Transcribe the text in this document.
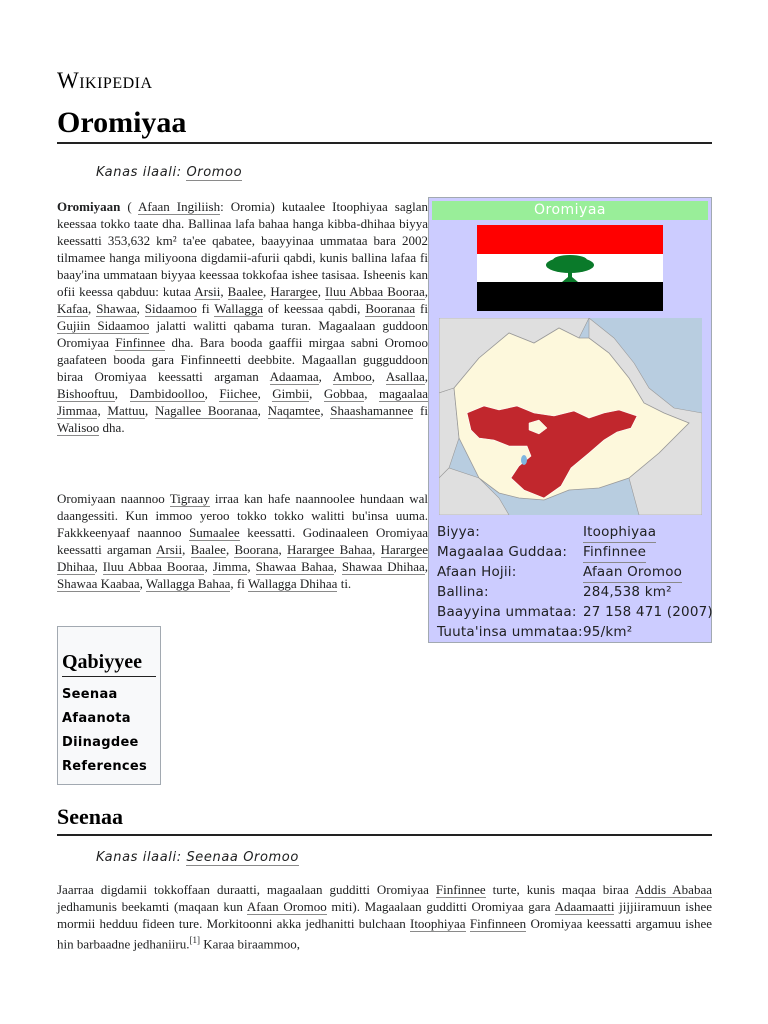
Wikipedia
Oromiyaa
Kanas ilaali: Oromoo

Oromiyaan ( Afaan Ingiliish: Oromia) kutaalee Itoophiyaa saglan keessaa tokko taate dha. Ballinaa lafa bahaa hanga kibba-dhihaa biyya keessatti 353,632 km² ta'ee qabatee, baayyinaa ummataa bara 2002 tilmamee hanga miliyoona digdamii-afurii qabdi, kunis ballina lafaa fi baay'ina ummataan biyyaa keessaa tokkofaa ishee tasisaa. Isheenis kan ofii keessa qabduu: kutaa Arsii, Baalee, Harargee, Iluu Abbaa Booraa, Kafaa, Shawaa, Sidaamoo fi Wallagga of keessaa qabdi, Booranaa fi Gujiin Sidaamoo jalatti walitti qabama turan. Magaalaan guddoon Oromiyaa Finfinnee dha. Bara booda gaaffii mirgaa sabni Oromoo gaafateen booda gara Finfinneetti deebbite. Magaallan gugguddoon biraa Oromiyaa keessatti argaman Adaamaa, Amboo, Asallaa, Bishooftuu, Dambidoolloo, Fiichee, Gimbii, Gobbaa, magaalaa Jimmaa, Mattuu, Nagallee Booranaa, Naqamtee, Shaashamannee fi Walisoo dha.

Oromiyaan naannoo Tigraay irraa kan hafe naannoolee hundaan wal daangessiti. Kun immoo yeroo tokko tokko walitti bu'insa uuma. Fakkkeenyaaf naannoo Sumaalee keessatti. Godinaaleen Oromiyaa keessatti argaman Arsii, Baalee, Boorana, Harargee Bahaa, Harargee Dhihaa, Iluu Abbaa Booraa, Jimma, Shawaa Bahaa, Shawaa Dhihaa, Shawaa Kaabaa, Wallagga Bahaa, fi Wallagga Dhihaa ti.

Oromiyaa
Biyya:	Itoophiyaa
Magaalaa Guddaa: Finfinnee
Afaan Hojii:	Afaan Oromoo
Ballina:	284,538 km²
Baayyina ummataa: 27 158 471 (2007)
Tuuta'insa ummataa: 95/km²
Qabiyyee
Seenaa
Afaanota
Diinagdee
References
Seenaa
Kanas ilaali: Seenaa Oromoo

Jaarraa digdamii tokkoffaan duraatti, magaalaan gudditti Oromiyaa Finfinnee turte, kunis maqaa biraa Addis Ababaa jedhamunis beekamti (maqaan kun Afaan Oromoo miti). Magaalaan gudditti Oromiyaa gara Adaamaatti jijjiiramuun ishee mormii hedduu fideen ture. Morkitoonni akka jedhanitti bulchaan Itoophiyaa Finfinneen Oromiyaa keessatti argamuu ishee hin barbaadne jedhaniiru.[1] Karaa biraammoo,
